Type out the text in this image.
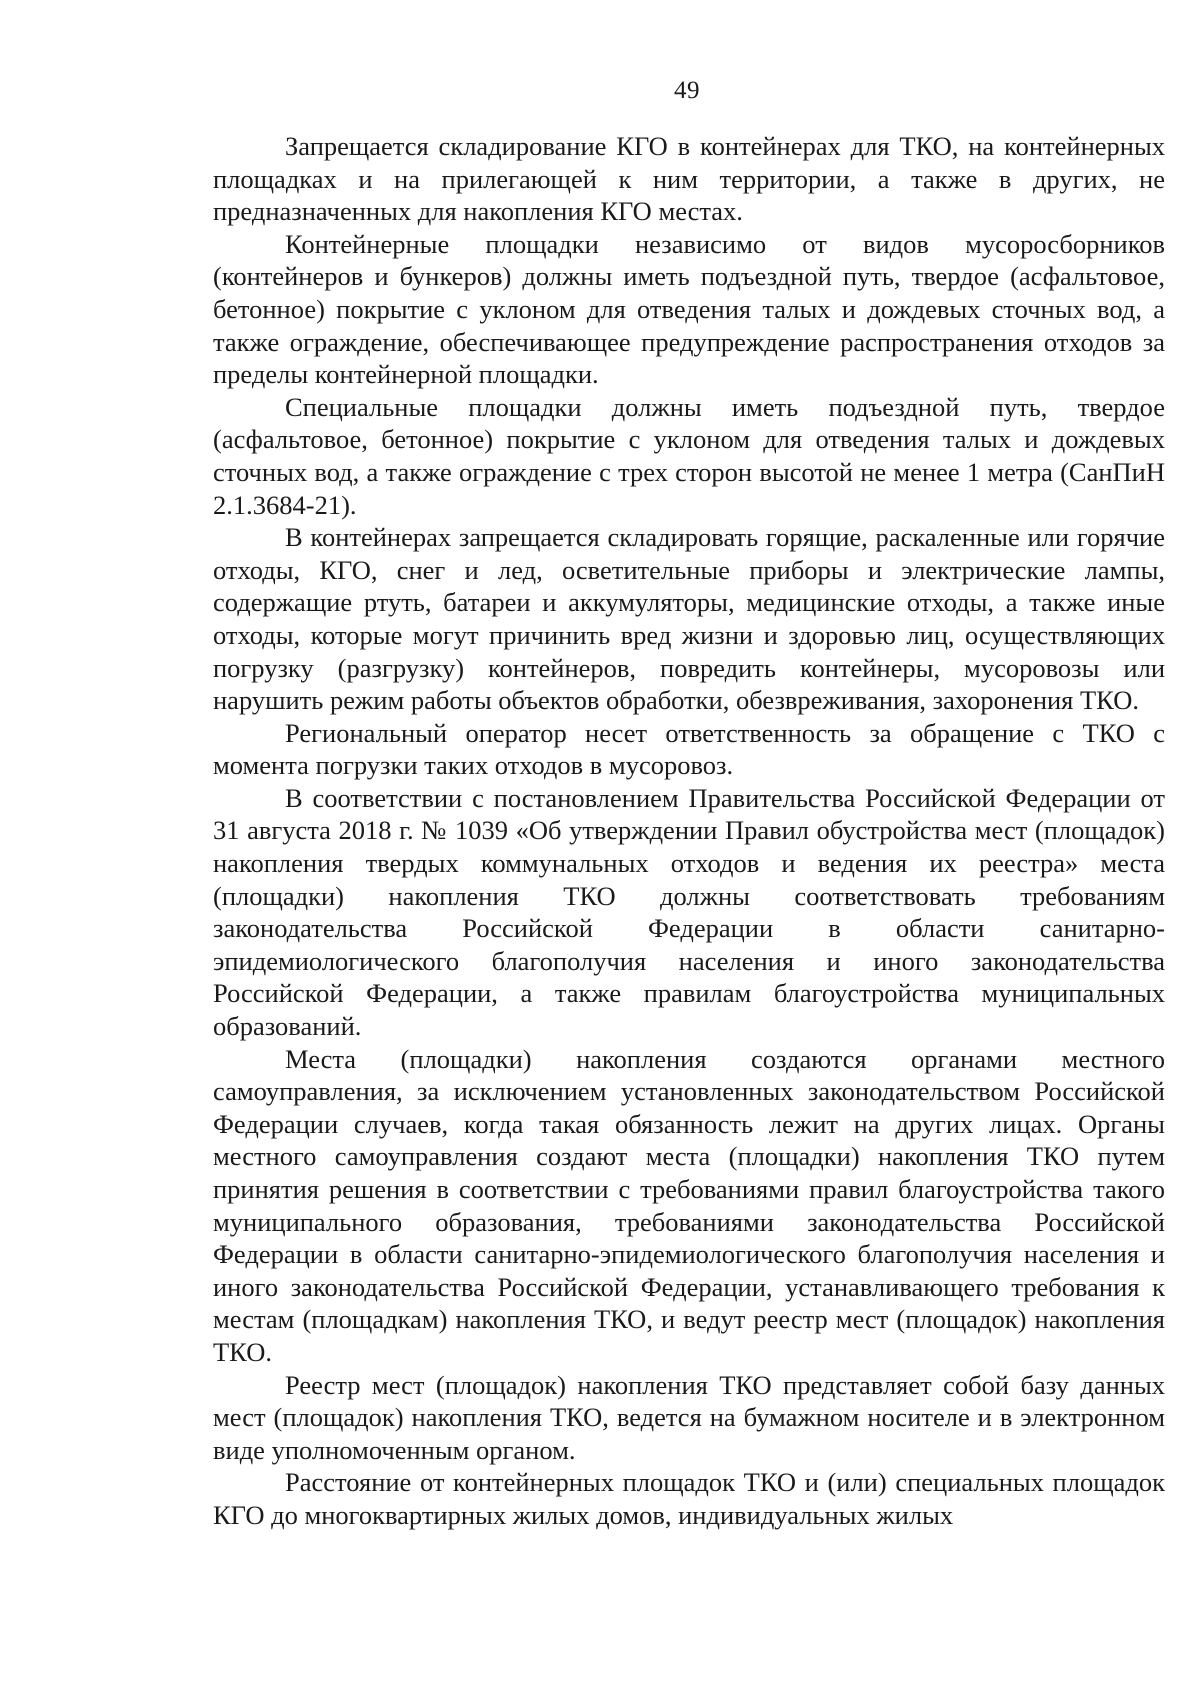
49

Запрещается складирование КГО в контейнерах для ТКО, на контейнерных площадках и на прилегающей к ним территории, а также в других, не предназначенных для накопления КГО местах.

Контейнерные площадки независимо от видов мусоросборников (контейнеров и бункеров) должны иметь подъездной путь, твердое (асфальтовое, бетонное) покрытие с уклоном для отведения талых и дождевых сточных вод, а также ограждение, обеспечивающее предупреждение распространения отходов за пределы контейнерной площадки.

Специальные площадки должны иметь подъездной путь, твердое (асфальтовое, бетонное) покрытие с уклоном для отведения талых и дождевых сточных вод, а также ограждение с трех сторон высотой не менее 1 метра (СанПиН 2.1.3684-21).

В контейнерах запрещается складировать горящие, раскаленные или горячие отходы, КГО, снег и лед, осветительные приборы и электрические лампы, содержащие ртуть, батареи и аккумуляторы, медицинские отходы, а также иные отходы, которые могут причинить вред жизни и здоровью лиц, осуществляющих погрузку (разгрузку) контейнеров, повредить контейнеры, мусоровозы или нарушить режим работы объектов обработки, обезвреживания, захоронения ТКО.

Региональный оператор несет ответственность за обращение с ТКО с момента погрузки таких отходов в мусоровоз.

В соответствии с постановлением Правительства Российской Федерации от 31 августа 2018 г. № 1039 «Об утверждении Правил обустройства мест (площадок) накопления твердых коммунальных отходов и ведения их реестра» места (площадки) накопления ТКО должны соответствовать требованиям законодательства Российской Федерации в области санитарно-эпидемиологического благополучия населения и иного законодательства Российской Федерации, а также правилам благоустройства муниципальных образований.

Места (площадки) накопления создаются органами местного самоуправления, за исключением установленных законодательством Российской Федерации случаев, когда такая обязанность лежит на других лицах. Органы местного самоуправления создают места (площадки) накопления ТКО путем принятия решения в соответствии с требованиями правил благоустройства такого муниципального образования, требованиями законодательства Российской Федерации в области санитарно-эпидемиологического благополучия населения и иного законодательства Российской Федерации, устанавливающего требования к местам (площадкам) накопления ТКО, и ведут реестр мест (площадок) накопления ТКО.

Реестр мест (площадок) накопления ТКО представляет собой базу данных мест (площадок) накопления ТКО, ведется на бумажном носителе и в электронном виде уполномоченным органом.

Расстояние от контейнерных площадок ТКО и (или) специальных площадок КГО до многоквартирных жилых домов, индивидуальных жилых
